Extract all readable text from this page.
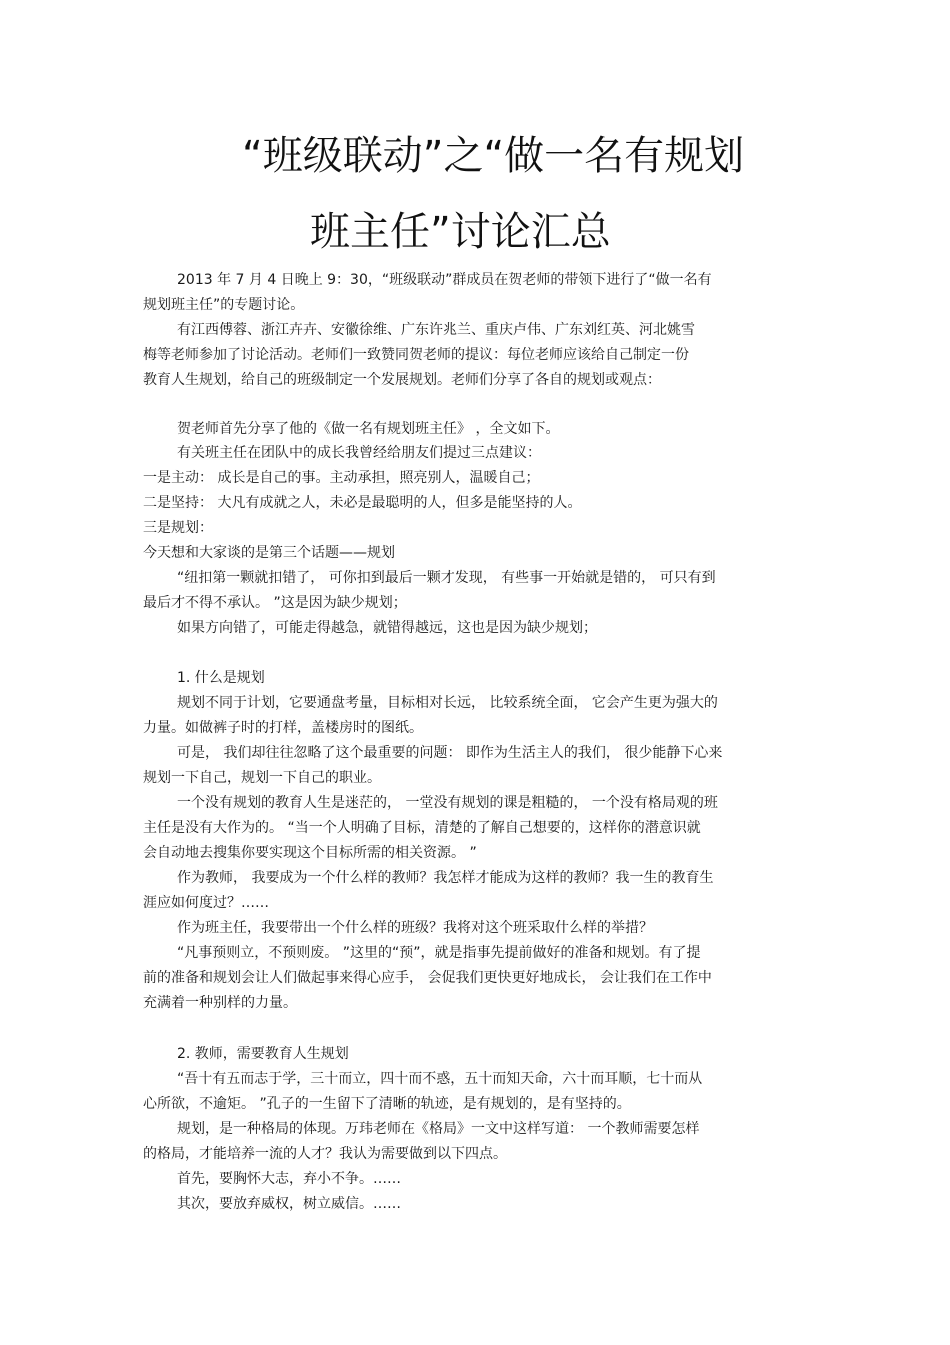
“班级联动”之“做一名有规划
班主任”讨论汇总
2013 年 7 月 4 日晚上 9：30，“班级联动”群成员在贺老师的带领下进行了“做一名有
规划班主任”的专题讨论。
有江西傅蓉、浙江卉卉、安徽徐维、广东许兆兰、重庆卢伟、广东刘红英、河北姚雪
梅等老师参加了讨论活动。老师们一致赞同贺老师的提议：每位老师应该给自己制定一份
教育人生规划，给自己的班级制定一个发展规划。老师们分享了各自的规划或观点：
贺老师首先分享了他的《做一名有规划班主任》 ，全文如下。
有关班主任在团队中的成长我曾经给朋友们提过三点建议：
一是主动： 成长是自己的事。主动承担，照亮别人，温暖自己；
二是坚持： 大凡有成就之人，未必是最聪明的人，但多是能坚持的人。
三是规划：
今天想和大家谈的是第三个话题——规划
“纽扣第一颗就扣错了， 可你扣到最后一颗才发现， 有些事一开始就是错的， 可只有到
最后才不得不承认。 ”这是因为缺少规划；
如果方向错了，可能走得越急，就错得越远，这也是因为缺少规划；
1. 什么是规划
规划不同于计划，它要通盘考量，目标相对长远， 比较系统全面， 它会产生更为强大的
力量。如做裤子时的打样，盖楼房时的图纸。
可是， 我们却往往忽略了这个最重要的问题： 即作为生活主人的我们， 很少能静下心来
规划一下自己，规划一下自己的职业。
一个没有规划的教育人生是迷茫的， 一堂没有规划的课是粗糙的， 一个没有格局观的班
主任是没有大作为的。 “当一个人明确了目标，清楚的了解自己想要的，这样你的潜意识就
会自动地去搜集你要实现这个目标所需的相关资源。 ”
作为教师， 我要成为一个什么样的教师？我怎样才能成为这样的教师？我一生的教育生
涯应如何度过？……
作为班主任，我要带出一个什么样的班级？我将对这个班采取什么样的举措？
“凡事预则立，不预则废。 ”这里的“预”，就是指事先提前做好的准备和规划。有了提
前的准备和规划会让人们做起事来得心应手， 会促我们更快更好地成长， 会让我们在工作中
充满着一种别样的力量。
2. 教师，需要教育人生规划
“吾十有五而志于学，三十而立，四十而不惑，五十而知天命，六十而耳顺，七十而从
心所欲，不逾矩。 ”孔子的一生留下了清晰的轨迹，是有规划的，是有坚持的。
规划，是一种格局的体现。万玮老师在《格局》一文中这样写道： 一个教师需要怎样
的格局，才能培养一流的人才？我认为需要做到以下四点。
首先，要胸怀大志，弃小不争。……
其次，要放弃威权，树立威信。……
